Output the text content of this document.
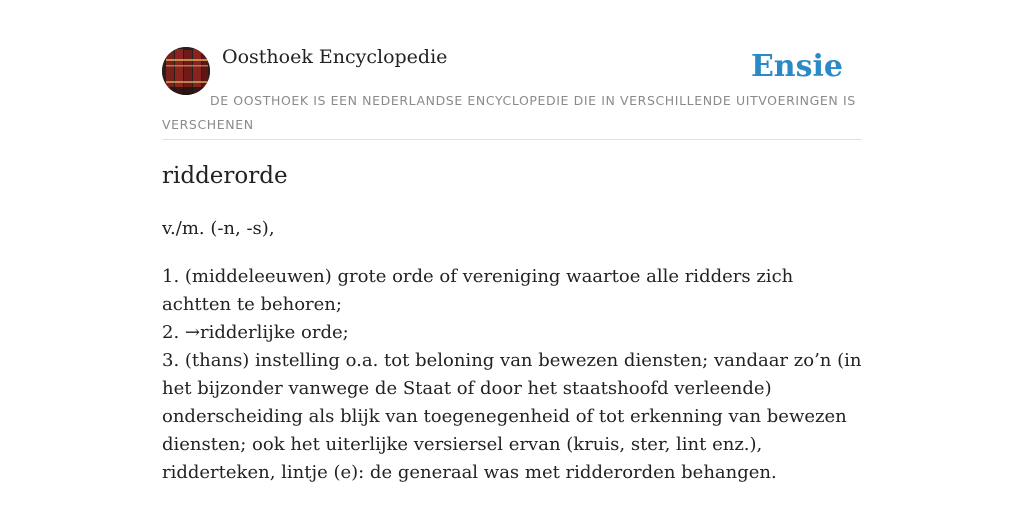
Oosthoek Encyclopedie	Ensie
DE OOSTHOEK IS EEN NEDERLANDSE ENCYCLOPEDIE DIE IN VERSCHILLENDE UITVOERINGEN IS VERSCHENEN
ridderorde
v./m. (-n, -s),
1. (middeleeuwen) grote orde of vereniging waartoe alle ridders zich achtten te behoren;
2. →ridderlijke orde;
3. (thans) instelling o.a. tot beloning van bewezen diensten; vandaar zo’n (in het bijzonder vanwege de Staat of door het staatshoofd verleende) onderscheiding als blijk van toegenegenheid of tot erkenning van bewezen diensten; ook het uiterlijke versiersel ervan (kruis, ster, lint enz.), ridderteken, lintje (e): de generaal was met ridderorden behangen.
